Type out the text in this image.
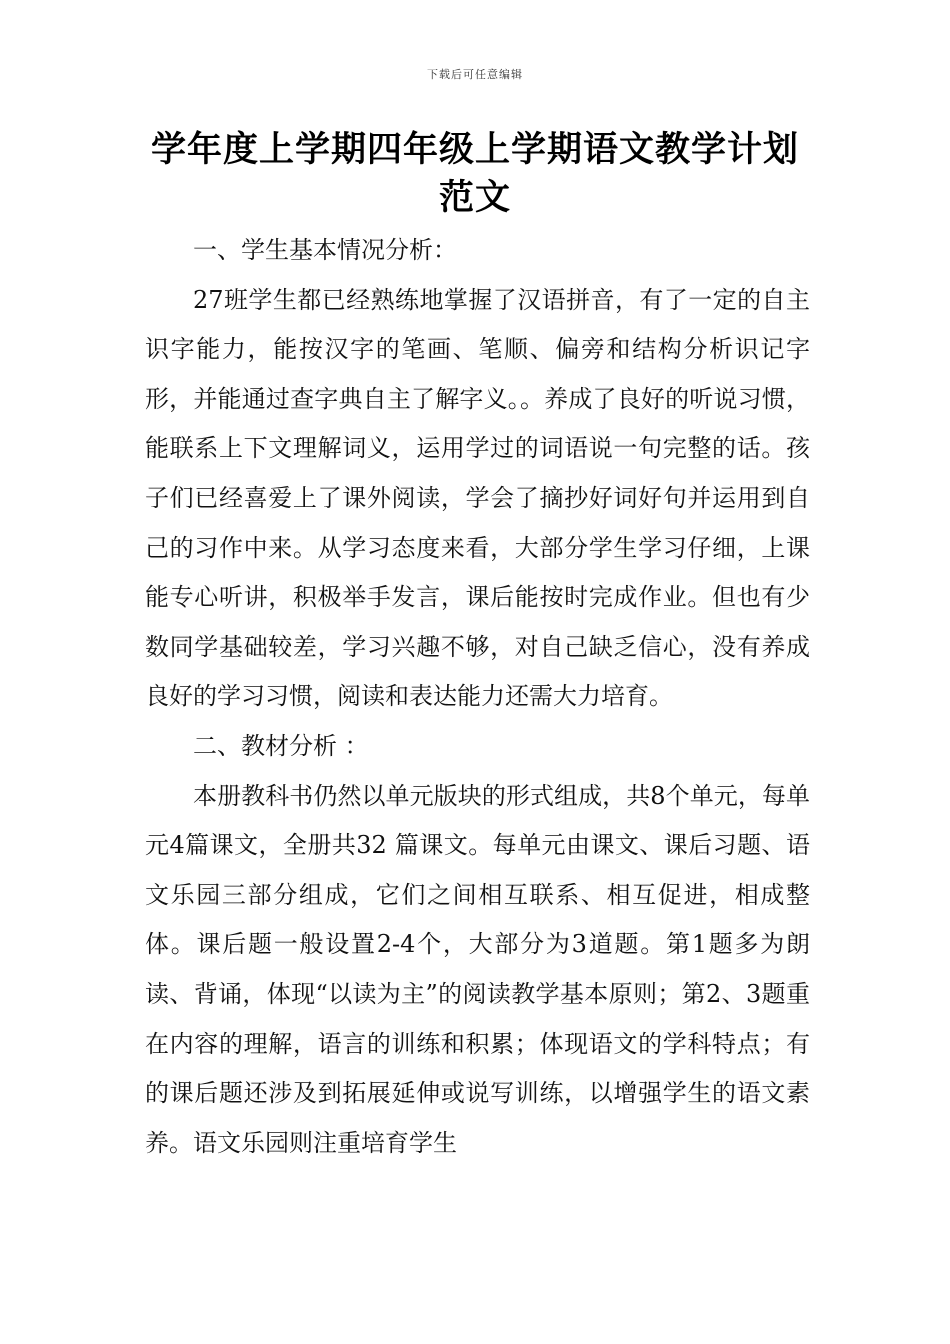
下载后可任意编辑
学年度上学期四年级上学期语文教学计划
范文

一、学生基本情况分析：

27班学生都已经熟练地掌握了汉语拼音，有了一定的自主识字能力，能按汉字的笔画、笔顺、偏旁和结构分析识记字形，并能通过查字典自主了解字义。。养成了良好的听说习惯，能联系上下文理解词义，运用学过的词语说一句完整的话。孩子们已经喜爱上了课外阅读，学会了摘抄好词好句并运用到自己的习作中来。从学习态度来看，大部分学生学习仔细，上课能专心听讲，积极举手发言，课后能按时完成作业。但也有少数同学基础较差，学习兴趣不够，对自己缺乏信心，没有养成良好的学习习惯，阅读和表达能力还需大力培育。

二、教材分析 ：

本册教科书仍然以单元版块的形式组成，共8个单元，每单元4篇课文，全册共32 篇课文。每单元由课文、课后习题、语文乐园三部分组成，它们之间相互联系、相互促进，相成整体。课后题一般设置2-4个，大部分为3道题。第1题多为朗读、背诵，体现“以读为主”的阅读教学基本原则；第2、3题重在内容的理解，语言的训练和积累；体现语文的学科特点；有的课后题还涉及到拓展延伸或说写训练，以增强学生的语文素养。语文乐园则注重培育学生
